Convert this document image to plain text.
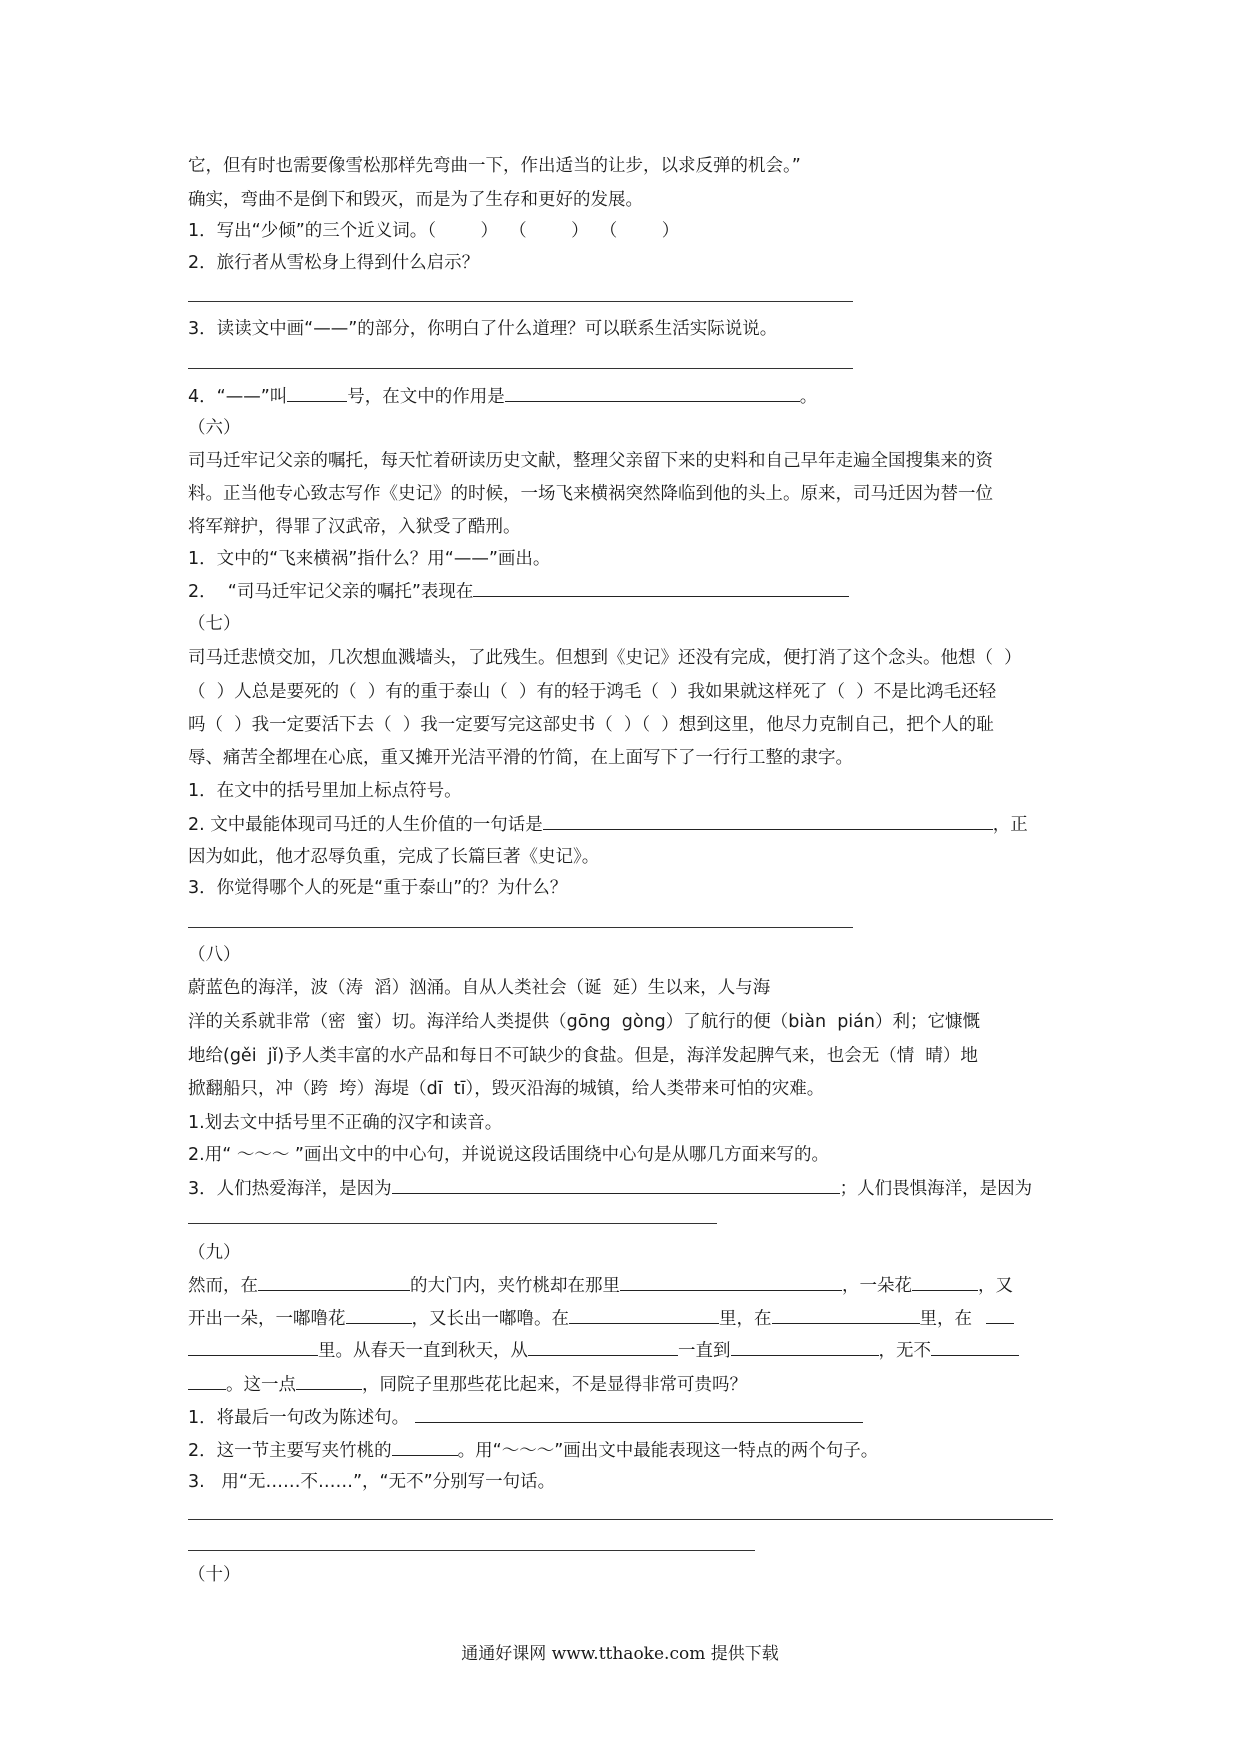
它，但有时也需要像雪松那样先弯曲一下，作出适当的让步，以求反弹的机会。”
确实，弯曲不是倒下和毁灭，而是为了生存和更好的发展。
1．写出“少倾”的三个近义词。（        ）  （        ）  （        ）
2．旅行者从雪松身上得到什么启示？
3．读读文中画“——”的部分，你明白了什么道理？可以联系生活实际说说。
4．“——”叫	号，在文中的作用是	。
（六）
司马迁牢记父亲的嘱托，每天忙着研读历史文献，整理父亲留下来的史料和自己早年走遍全国搜集来的资
料。正当他专心致志写作《史记》的时候，一场飞来横祸突然降临到他的头上。原来，司马迁因为替一位
将军辩护，得罪了汉武帝，入狱受了酷刑。
1．文中的“飞来横祸”指什么？用“——”画出。
2．  “司马迁牢记父亲的嘱托”表现在
（七）
司马迁悲愤交加，几次想血溅墙头，了此残生。但想到《史记》还没有完成，便打消了这个念头。他想（  ）
（  ）人总是要死的（  ）有的重于泰山（  ）有的轻于鸿毛（  ）我如果就这样死了（  ）不是比鸿毛还轻
吗（  ）我一定要活下去（  ）我一定要写完这部史书（  ）（  ）想到这里，他尽力克制自己，把个人的耻
辱、痛苦全都埋在心底，重又摊开光洁平滑的竹简，在上面写下了一行行工整的隶字。
1．在文中的括号里加上标点符号。
2. 文中最能体现司马迁的人生价值的一句话是	，正
因为如此，他才忍辱负重，完成了长篇巨著《史记》。
3．你觉得哪个人的死是“重于泰山”的？为什么？
（八）
蔚蓝色的海洋，波（涛  滔）汹涌。自从人类社会（诞  延）生以来，人与海
洋的关系就非常（密  蜜）切。海洋给人类提供（gōng  gòng）了航行的便（biàn  pián）利；它慷慨
地给(gěi  jǐ)予人类丰富的水产品和每日不可缺少的食盐。但是，海洋发起脾气来，也会无（情  晴）地
掀翻船只，冲（跨  垮）海堤（dī  tī），毁灭沿海的城镇，给人类带来可怕的灾难。
1.划去文中括号里不正确的汉字和读音。
2.用“ ～～～ ”画出文中的中心句，并说说这段话围绕中心句是从哪几方面来写的。
3．人们热爱海洋，是因为	；人们畏惧海洋，是因为
（九）
然而，在	的大门内，夹竹桃却在那里	，一朵花	，又
开出一朵，一嘟噜花	，又长出一嘟噜。在	里，在	里，在
里。从春天一直到秋天，从	一直到	，无不
。这一点	，同院子里那些花比起来，不是显得非常可贵吗？
1．将最后一句改为陈述句。
2．这一节主要写夹竹桃的	。用“～～～”画出文中最能表现这一特点的两个句子。
3.   用“无……不……”，“无不”分别写一句话。
（十）
通通好课网 www.tthaoke.com 提供下载
